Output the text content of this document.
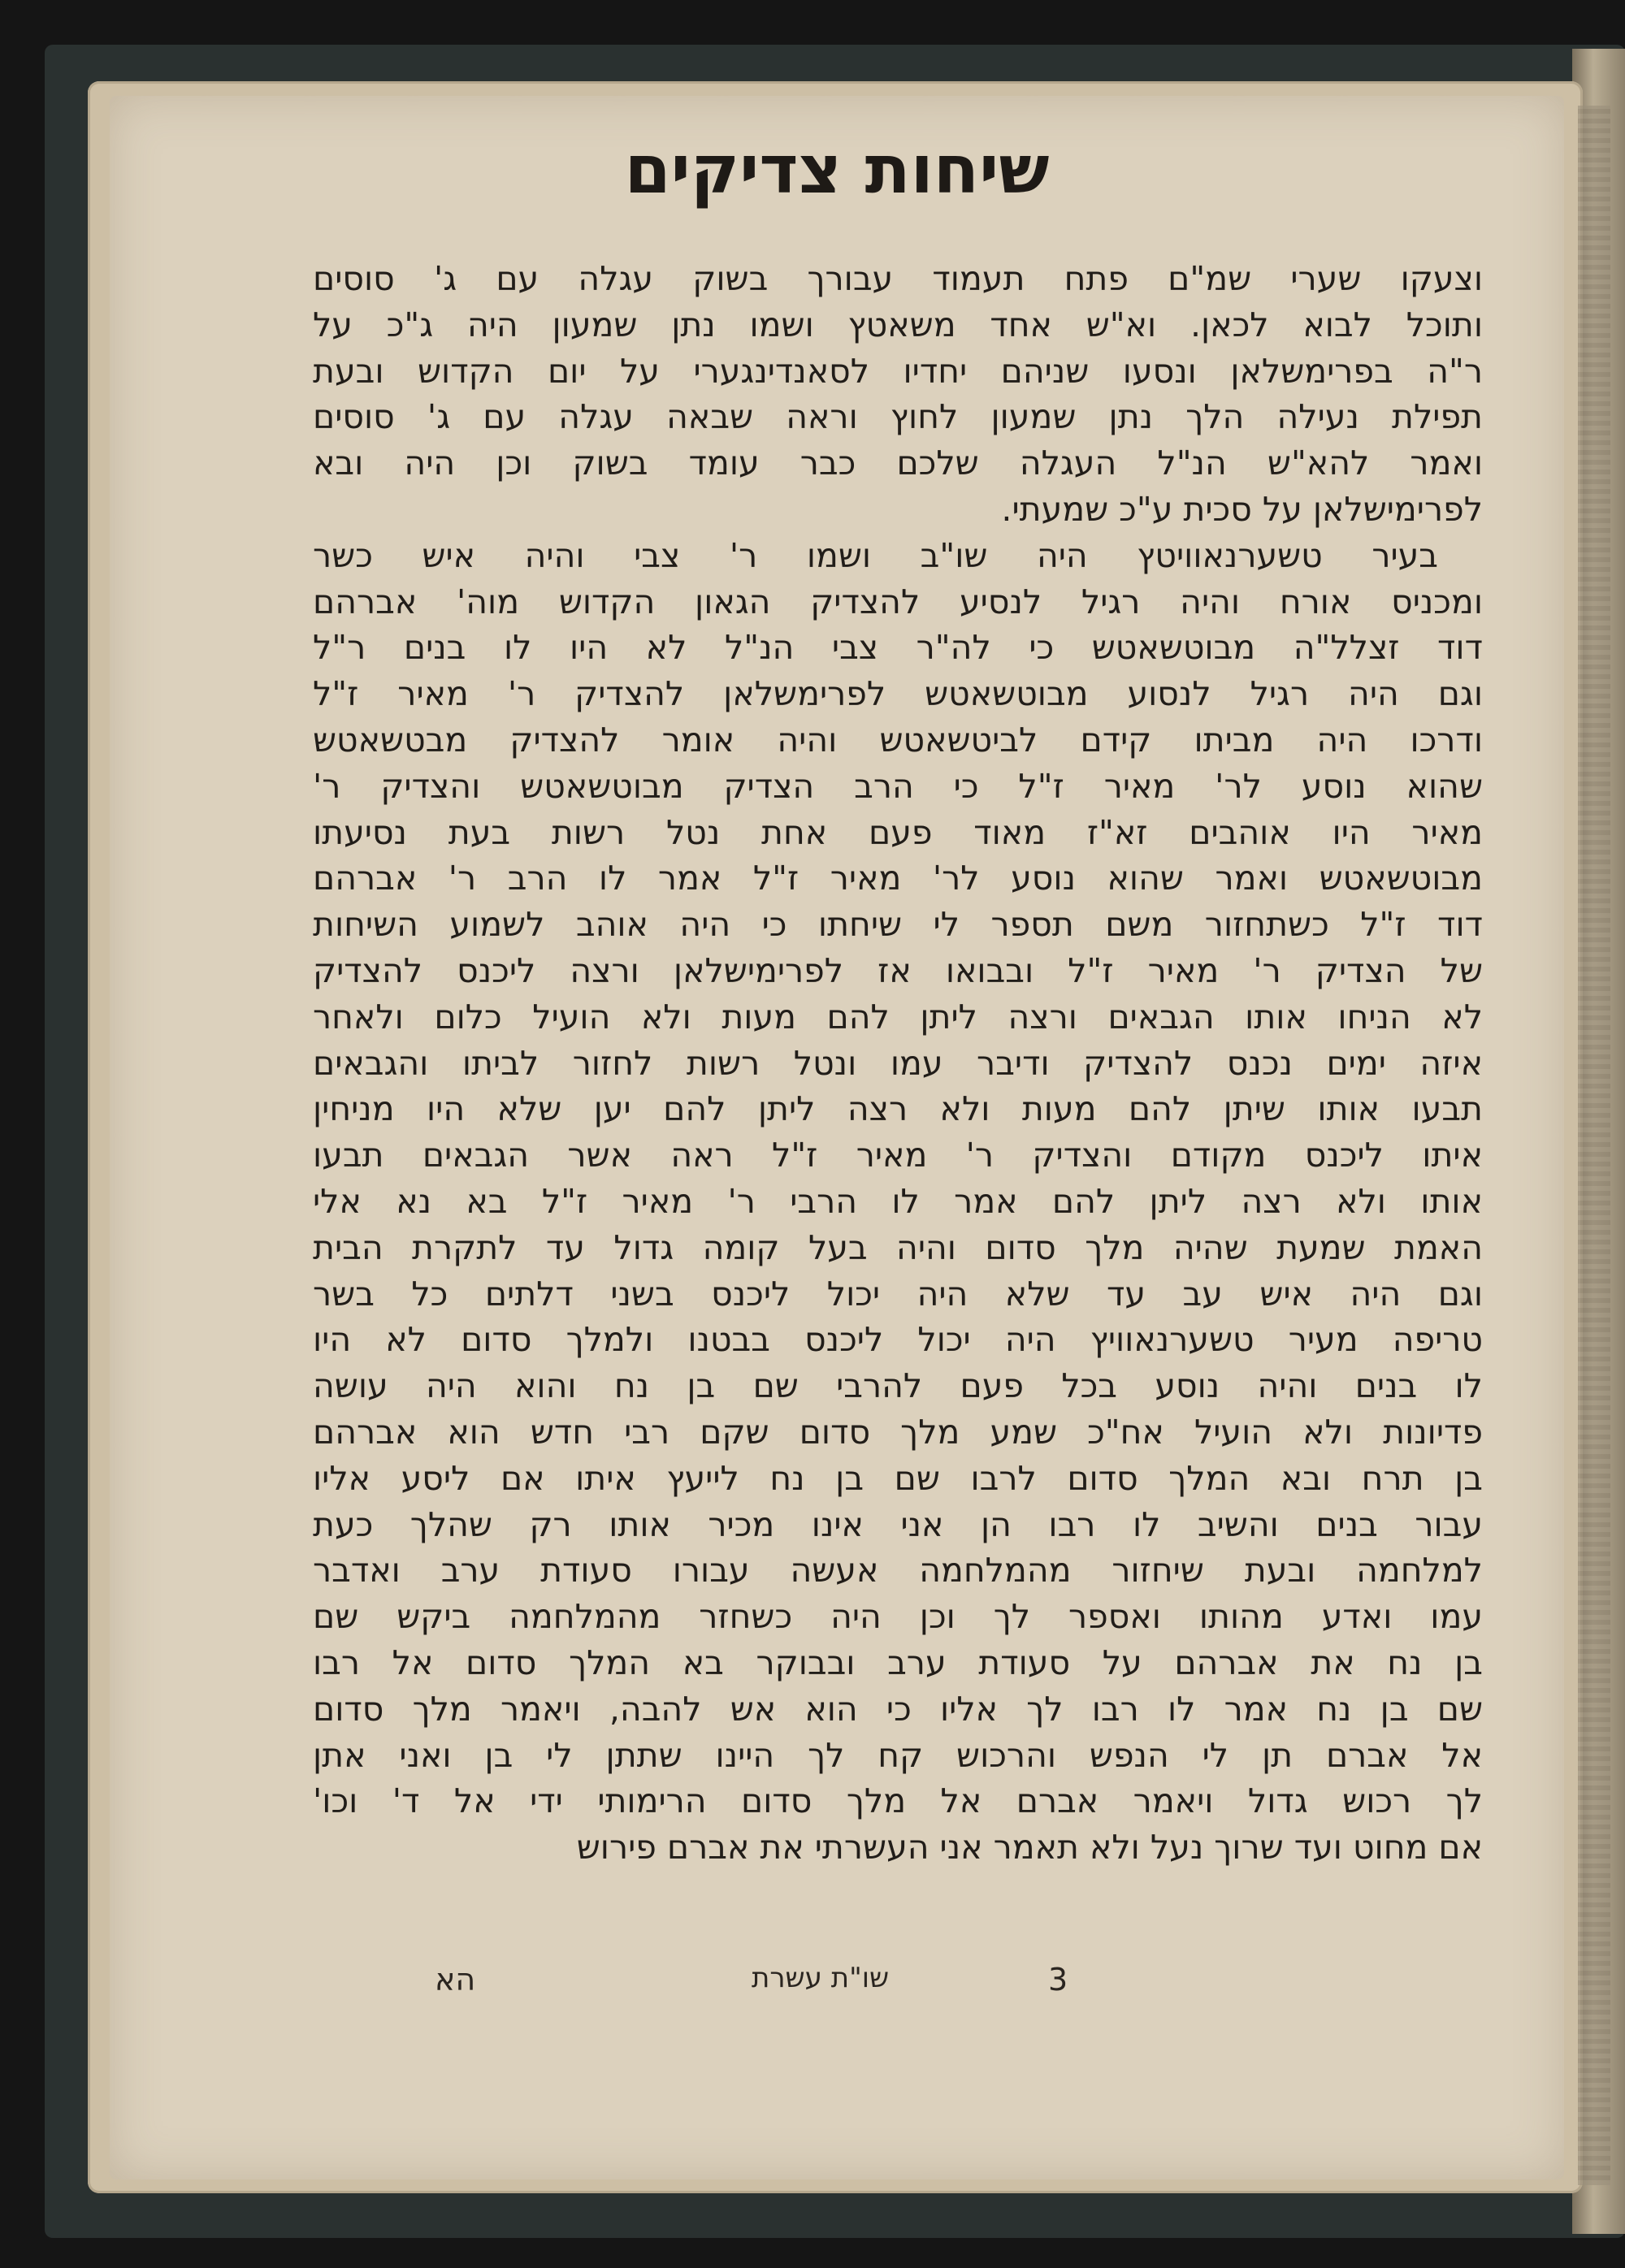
שיחות צדיקים
וצעקו שערי שמ"ם פתח תעמוד עבורך בשוק עגלה עם ג' סוסים
ותוכל לבוא לכאן. וא"ש אחד משאטץ ושמו נתן שמעון היה ג"כ על
ר"ה בפרימשלאן ונסעו שניהם יחדיו לסאנדינגערי על יום הקדוש ובעת
תפילת נעילה הלך נתן שמעון לחוץ וראה שבאה עגלה עם ג' סוסים
ואמר להא"ש הנ"ל העגלה שלכם כבר עומד בשוק וכן היה ובא
לפרימישלאן על סכית ע"כ שמעתי.
בעיר טשערנאוויטץ היה שו"ב ושמו ר' צבי והיה איש כשר
ומכניס אורח והיה רגיל לנסיע להצדיק הגאון הקדוש מוה' אברהם
דוד זצלל"ה מבוטשאטש כי לה"ר צבי הנ"ל לא היו לו בנים ר"ל
וגם היה רגיל לנסוע מבוטשאטש לפרימשלאן להצדיק ר' מאיר ז"ל
ודרכו היה מביתו קידם לביטשאטש והיה אומר להצדיק מבטשאטש
שהוא נוסע לר' מאיר ז"ל כי הרב הצדיק מבוטשאטש והצדיק ר'
מאיר היו אוהבים זא"ז מאוד פעם אחת נטל רשות בעת נסיעתו
מבוטשאטש ואמר שהוא נוסע לר' מאיר ז"ל אמר לו הרב ר' אברהם
דוד ז"ל כשתחזור משם תספר לי שיחתו כי היה אוהב לשמוע השיחות
של הצדיק ר' מאיר ז"ל ובבואו אז לפרימישלאן ורצה ליכנס להצדיק
לא הניחו אותו הגבאים ורצה ליתן להם מעות ולא הועיל כלום ולאחר
איזה ימים נכנס להצדיק ודיבר עמו ונטל רשות לחזור לביתו והגבאים
תבעו אותו שיתן להם מעות ולא רצה ליתן להם יען שלא היו מניחין
איתו ליכנס מקודם והצדיק ר' מאיר ז"ל ראה אשר הגבאים תבעו
אותו ולא רצה ליתן להם אמר לו הרבי ר' מאיר ז"ל בא נא אלי
האמת שמעת שהיה מלך סדום והיה בעל קומה גדול עד לתקרת הבית
וגם היה איש עב עד שלא היה יכול ליכנס בשני דלתים כל בשר
טריפה מעיר טשערנאוויץ היה יכול ליכנס בבטנו ולמלך סדום לא היו
לו בנים והיה נוסע בכל פעם להרבי שם בן נח והוא היה עושה
פדיונות ולא הועיל אח"כ שמע מלך סדום שקם רבי חדש הוא אברהם
בן תרח ובא המלך סדום לרבו שם בן נח לייעץ איתו אם ליסע אליו
עבור בנים והשיב לו רבו הן אני אינו מכיר אותו רק שהלך כעת
למלחמה ובעת שיחזור מהמלחמה אעשה עבורו סעודת ערב ואדבר
עמו ואדע מהותו ואספר לך וכן היה כשחזר מהמלחמה ביקש שם
בן נח את אברהם על סעודת ערב ובבוקר בא המלך סדום אל רבו
שם בן נח אמר לו רבו לך אליו כי הוא אש להבה, ויאמר מלך סדום
אל אברם תן לי הנפש והרכוש קח לך היינו שתתן לי בן ואני אתן
לך רכוש גדול ויאמר אברם אל מלך סדום הרימותי ידי אל ד' וכו'
אם מחוט ועד שרוך נעל ולא תאמר אני העשרתי את אברם פירוש
שו"ת עשרת	3
הא
